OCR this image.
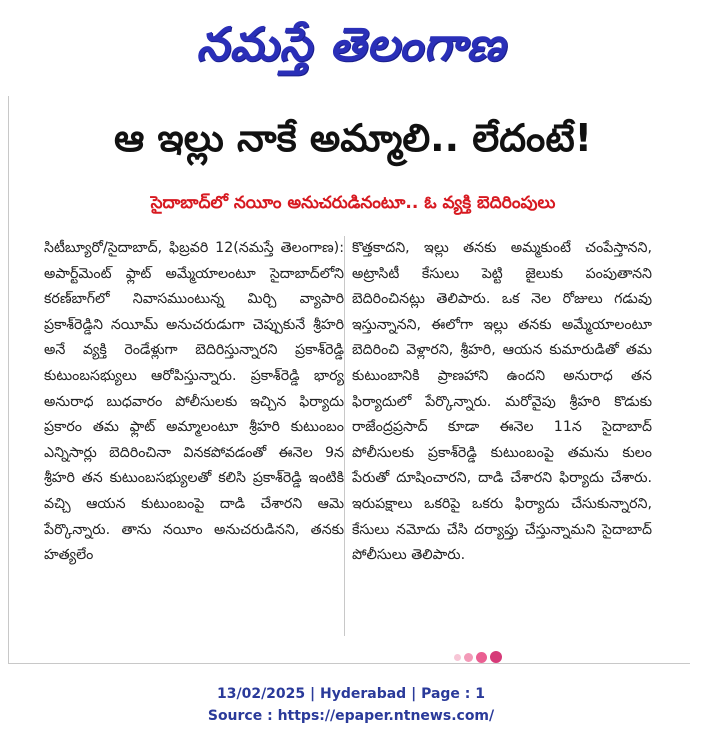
నమస్తే తెలంగాణ
ఆ ఇల్లు నాకే అమ్మాలి.. లేదంటే!
సైదాబాద్‌లో నయీం అనుచరుడినంటూ.. ఓ వ్యక్తి బెదిరింపులు
సిటీబ్యూరో/సైదాబాద్, ఫిబ్రవరి 12(నమస్తే తెలంగాణ): అపార్ట్‌మెంట్ ఫ్లాట్ అమ్మేయాలంటూ సైదాబాద్‌లోని కరణ్‌బాగ్‌లో నివాసముంటున్న మిర్చి వ్యాపారి ప్రకాశ్‌రెడ్డిని నయీమ్ అనుచరుడుగా చెప్పుకునే శ్రీహరి అనే వ్యక్తి రెండేళ్లుగా బెదిరిస్తున్నారని ప్రకాశ్‌రెడ్డి కుటుంబసభ్యులు ఆరోపిస్తున్నారు. ప్రకాశ్‌రెడ్డి భార్య అనురాధ బుధవారం పోలీసులకు ఇచ్చిన ఫిర్యాదు ప్రకారం తమ ఫ్లాట్ అమ్మాలంటూ శ్రీహరి కుటుంబం ఎన్నిసార్లు బెదిరించినా వినకపోవడంతో ఈనెల 9న శ్రీహరి తన కుటుంబసభ్యులతో కలిసి ప్రకాశ్‌రెడ్డి ఇంటికి వచ్చి ఆయన కుటుంబంపై దాడి చేశారని ఆమె పేర్కొన్నారు. తాను నయీం అనుచరుడినని, తనకు హత్యలేం
కొత్తకాదని, ఇల్లు తనకు అమ్మకుంటే చంపేస్తానని, అట్రాసిటీ కేసులు పెట్టి జైలుకు పంపుతానని బెదిరించినట్లు తెలిపారు. ఒక నెల రోజులు గడువు ఇస్తున్నానని, ఈలోగా ఇల్లు తనకు అమ్మేయాలంటూ బెదిరించి వెళ్లారని, శ్రీహరి, ఆయన కుమారుడితో తమ కుటుంబానికి ప్రాణహాని ఉందని అనురాధ తన ఫిర్యాదులో పేర్కొన్నారు. మరోవైపు శ్రీహరి కొడుకు రాజేంద్రప్రసాద్ కూడా ఈనెల 11న సైదాబాద్ పోలీసులకు ప్రకాశ్‌రెడ్డి కుటుంబంపై తమను కులం పేరుతో దూషించారని, దాడి చేశారని ఫిర్యాదు చేశారు. ఇరుపక్షాలు ఒకరిపై ఒకరు ఫిర్యాదు చేసుకున్నారని, కేసులు నమోదు చేసి దర్యాప్తు చేస్తున్నామని సైదాబాద్ పోలీసులు తెలిపారు.
13/02/2025 | Hyderabad | Page : 1
Source : https://epaper.ntnews.com/
